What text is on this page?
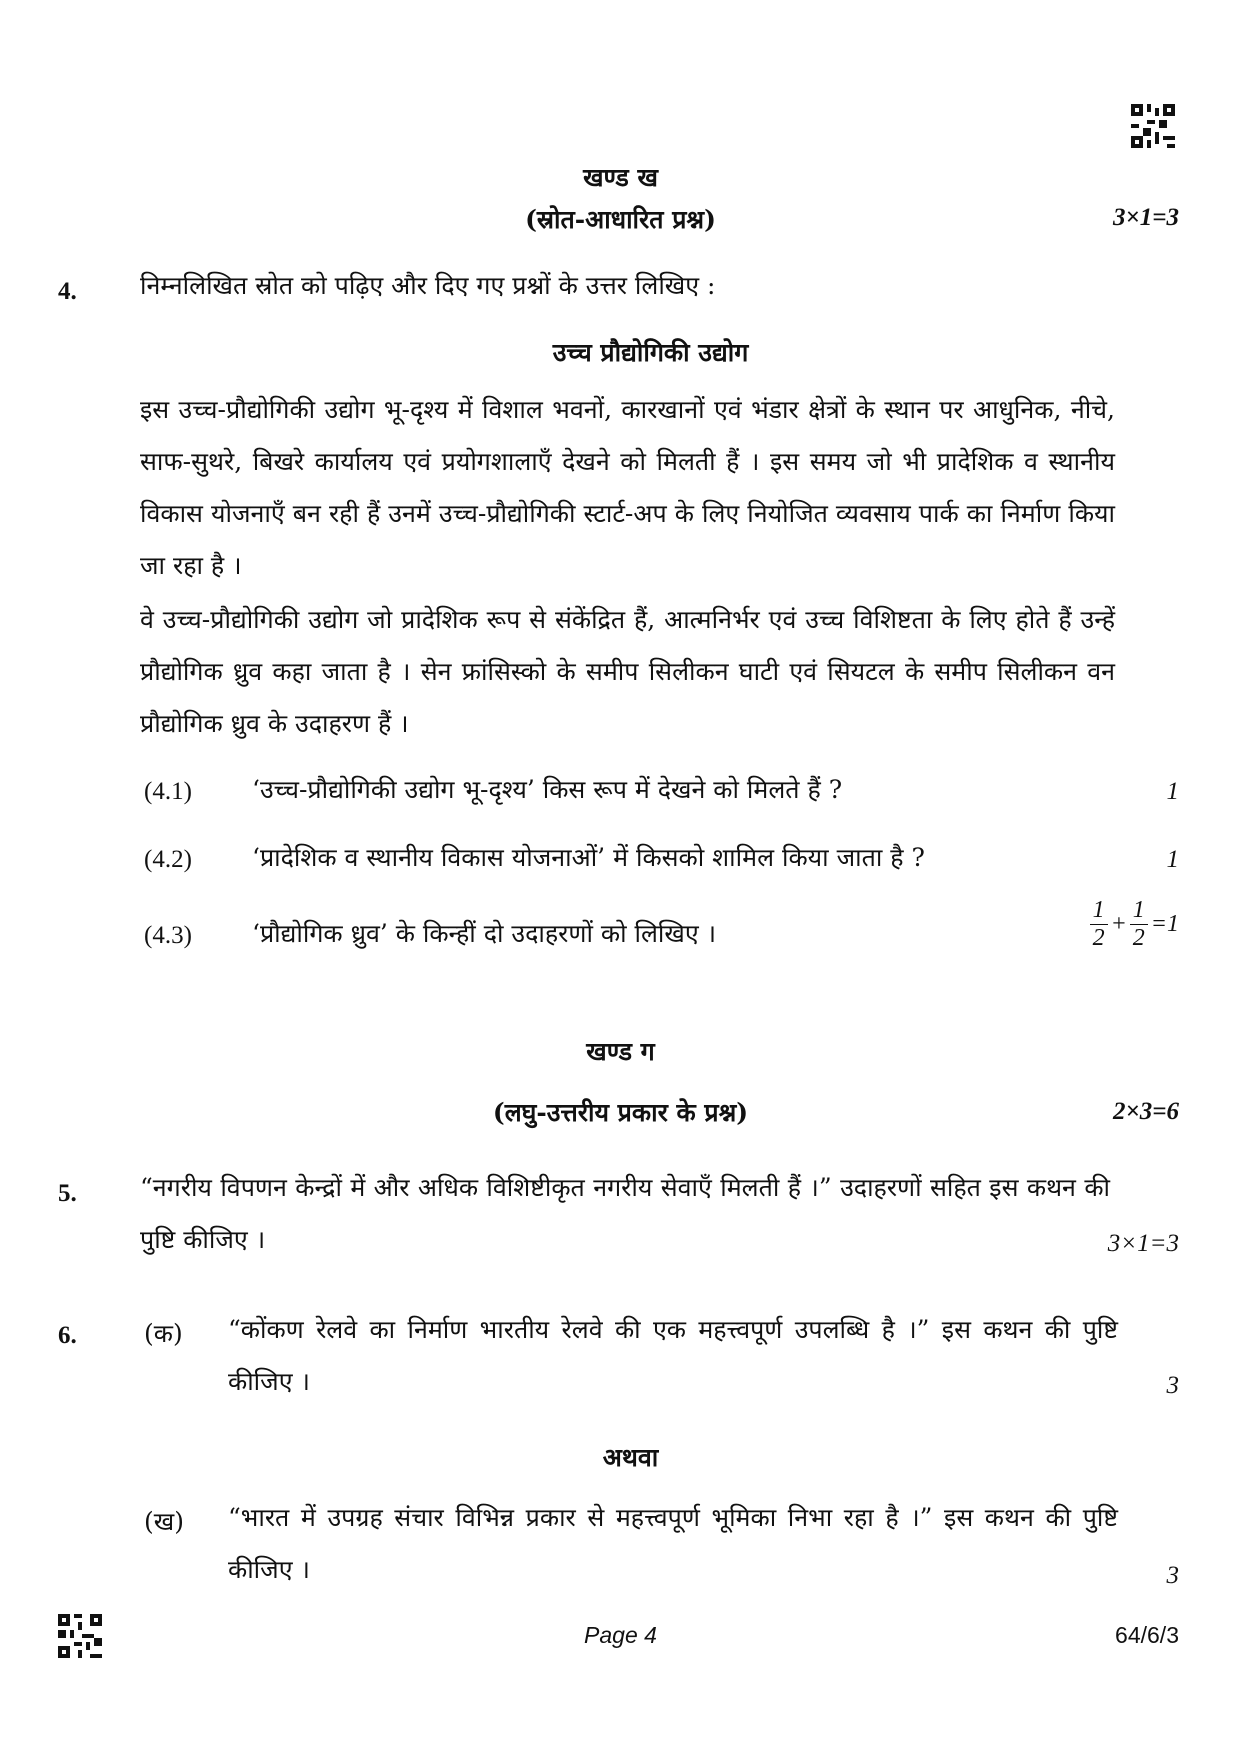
खण्ड ख
(स्रोत-आधारित प्रश्न)	3×1=3
4.	निम्नलिखित स्रोत को पढ़िए और दिए गए प्रश्नों के उत्तर लिखिए :
उच्च प्रौद्योगिकी उद्योग
इस उच्च-प्रौद्योगिकी उद्योग भू-दृश्य में विशाल भवनों, कारखानों एवं भंडार क्षेत्रों के स्थान पर आधुनिक, नीचे, साफ-सुथरे, बिखरे कार्यालय एवं प्रयोगशालाएँ देखने को मिलती हैं । इस समय जो भी प्रादेशिक व स्थानीय विकास योजनाएँ बन रही हैं उनमें उच्च-प्रौद्योगिकी स्टार्ट-अप के लिए नियोजित व्यवसाय पार्क का निर्माण किया जा रहा है ।
वे उच्च-प्रौद्योगिकी उद्योग जो प्रादेशिक रूप से संकेंद्रित हैं, आत्मनिर्भर एवं उच्च विशिष्टता के लिए होते हैं उन्हें प्रौद्योगिक ध्रुव कहा जाता है । सेन फ्रांसिस्को के समीप सिलीकन घाटी एवं सियटल के समीप सिलीकन वन प्रौद्योगिक ध्रुव के उदाहरण हैं ।
(4.1) ‘उच्च-प्रौद्योगिकी उद्योग भू-दृश्य’ किस रूप में देखने को मिलते हैं ?	1
(4.2) ‘प्रादेशिक व स्थानीय विकास योजनाओं’ में किसको शामिल किया जाता है ?	1
(4.3) ‘प्रौद्योगिक ध्रुव’ के किन्हीं दो उदाहरणों को लिखिए ।
1
2
+
1
2
=1
खण्ड ग
(लघु-उत्तरीय प्रकार के प्रश्न)	2×3=6
5.	“नगरीय विपणन केन्द्रों में और अधिक विशिष्टीकृत नगरीय सेवाएँ मिलती हैं ।” उदाहरणों सहित इस कथन की पुष्टि कीजिए ।	3×1=3
6.	(क) “कोंकण रेलवे का निर्माण भारतीय रेलवे की एक महत्त्वपूर्ण उपलब्धि है ।” इस कथन की पुष्टि कीजिए ।	3
अथवा
(ख) “भारत में उपग्रह संचार विभिन्न प्रकार से महत्त्वपूर्ण भूमिका निभा रहा है ।” इस कथन की पुष्टि कीजिए ।	3
Page 4	64/6/3
